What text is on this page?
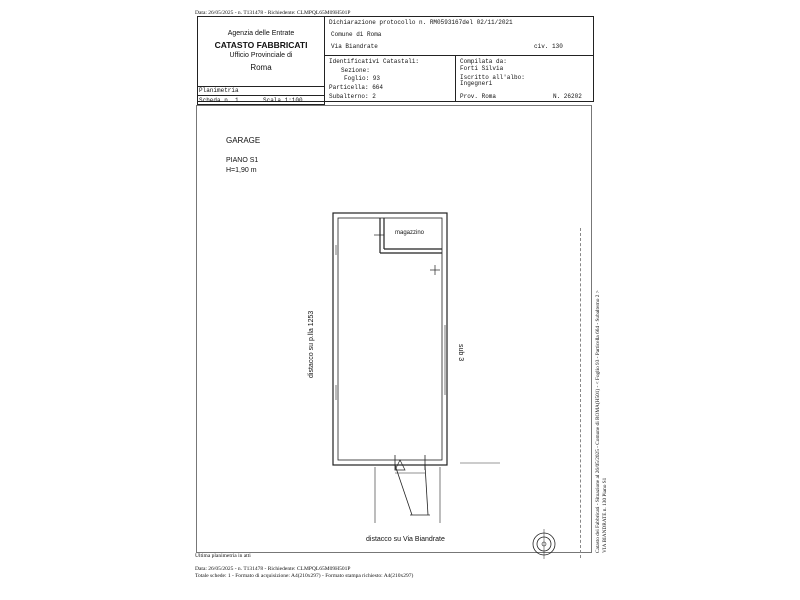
Data: 26/05/2025 - n. T131478 - Richiedente: CLMPQL65M09H501P
Agenzia delle Entrate
CATASTO FABBRICATI
Ufficio Provinciale di
Roma
Dichiarazione protocollo n. RM0593167del 02/11/2021
Comune di Roma
Via Biandrate	civ. 130
Identificativi Catastali:
Sezione:
Foglio: 93
Particella: 664
Subalterno: 2
Compilata da:
Forti Silvia
Iscritto all'albo:
Ingegneri
Prov. Roma	N. 26202
Planimetria
Scheda n. 1	Scala 1:100
GARAGE
PIANO S1
H=1,90 m
magazzino
distacco su p.lla 1253	sub 3
distacco su Via Biandrate	Catasto dei Fabbricati - Situazione al 26/05/2025 - Comune di ROMA(H501) - < Foglio 93 - Particella 664 - Subalterno 2 > VIA BIANDRATE n. 130 Piano S1
Ultima planimetria in atti
Data: 26/05/2025 - n. T131478 - Richiedente: CLMPQL65M09H501P
Totale schede: 1 - Formato di acquisizione: A4(210x297) - Formato stampa richiesto: A4(210x297)
